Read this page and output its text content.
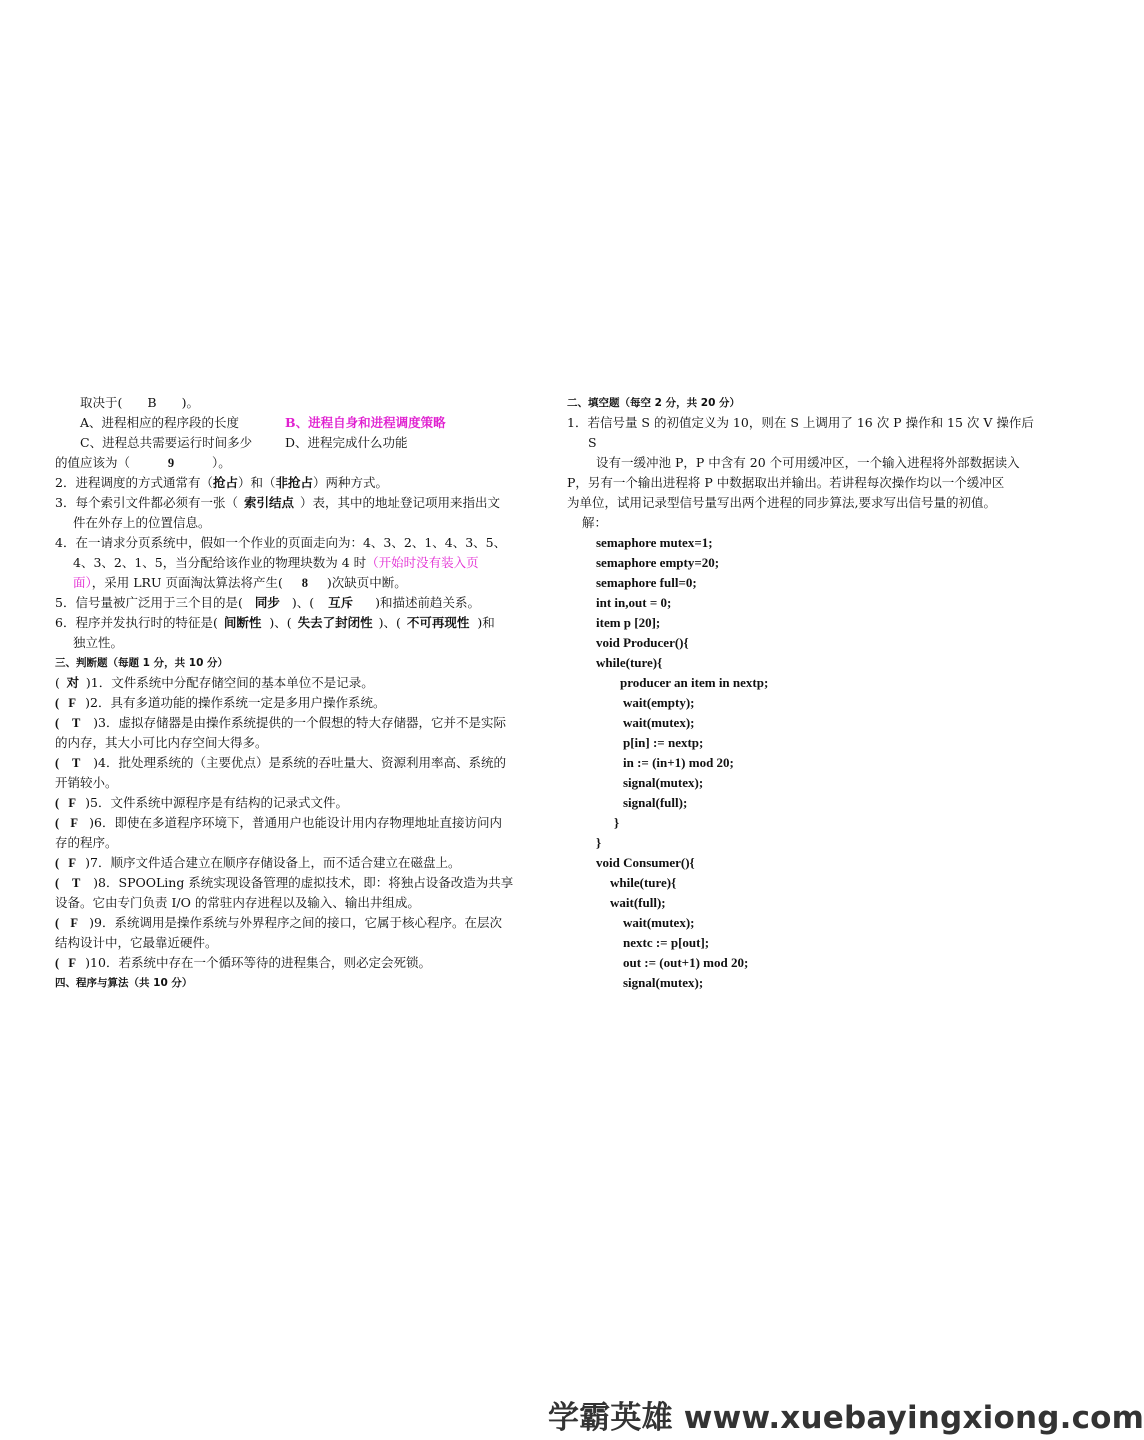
取决于(　　B　　)。
A、进程相应的程序段的长度	B、进程自身和进程调度策略
C、进程总共需要运行时间多少	D、进程完成什么功能
的值应该为（	9	）。
2．进程调度的方式通常有（抢占）和（非抢占）两种方式。
3．每个索引文件都必须有一张（ 索引结点 ）表，其中的地址登记项用来指出文
件在外存上的位置信息。
4．在一请求分页系统中，假如一个作业的页面走向为：4、3、2、1、4、3、5、
4、3、2、1、5，当分配给该作业的物理块数为 4 时（开始时没有装入页
面），采用 LRU 页面淘汰算法将产生( 8 )次缺页中断。
5．信号量被广泛用于三个目的是( 同步 )、( 互斥 )和描述前趋关系。
6．程序并发执行时的特征是( 间断性 )、( 失去了封闭性 )、( 不可再现性 )和
独立性。
三、判断题（每题 1 分，共 10 分）
( 对 )1．文件系统中分配存储空间的基本单位不是记录。
( F )2．具有多道功能的操作系统一定是多用户操作系统。
( T )3．虚拟存储器是由操作系统提供的一个假想的特大存储器，它并不是实际
的内存，其大小可比内存空间大得多。
( T )4．批处理系统的（主要优点）是系统的吞吐量大、资源利用率高、系统的
开销较小。
( F )5．文件系统中源程序是有结构的记录式文件。
( F )6．即使在多道程序环境下，普通用户也能设计用内存物理地址直接访问内
存的程序。
( F )7．顺序文件适合建立在顺序存储设备上，而不适合建立在磁盘上。
( T )8．SPOOLing 系统实现设备管理的虚拟技术，即：将独占设备改造为共享
设备。它由专门负责 I/O 的常驻内存进程以及输入、输出井组成。
( F )9．系统调用是操作系统与外界程序之间的接口，它属于核心程序。在层次
结构设计中，它最靠近硬件。
( F )10．若系统中存在一个循环等待的进程集合，则必定会死锁。
四、程序与算法（共 10 分）
二、填空题（每空 2 分，共 20 分）
1．若信号量 S 的初值定义为 10，则在 S 上调用了 16 次 P 操作和 15 次 V 操作后
S
设有一缓冲池 P，P 中含有 20 个可用缓冲区，一个输入进程将外部数据读入
P，另有一个输出进程将 P 中数据取出并输出。若讲程每次操作均以一个缓冲区
为单位，试用记录型信号量写出两个进程的同步算法,要求写出信号量的初值。
解：
semaphore mutex=1;
semaphore empty=20;
semaphore full=0;
int in,out = 0;
item p [20];
void Producer(){
while(ture){
producer an item in nextp;
wait(empty);
wait(mutex);
p[in] := nextp;
in := (in+1) mod 20;
signal(mutex);
signal(full);
}
}
void Consumer(){
while(ture){
wait(full);
wait(mutex);
nextc := p[out];
out := (out+1) mod 20;
signal(mutex);
学霸英雄 www.xuebayingxiong.com
